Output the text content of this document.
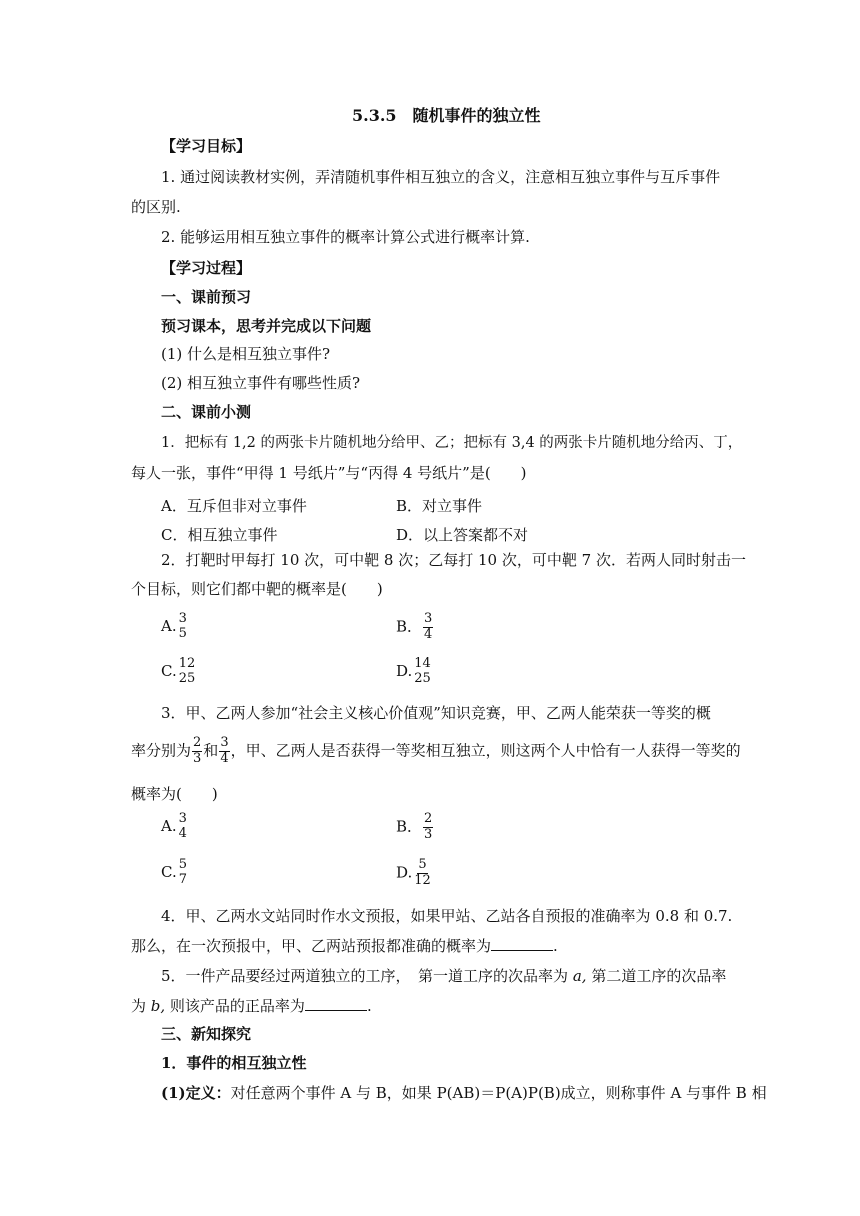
5.3.5　随机事件的独立性
【学习目标】
1. 通过阅读教材实例，弄清随机事件相互独立的含义，注意相互独立事件与互斥事件
的区别.
2. 能够运用相互独立事件的概率计算公式进行概率计算.
【学习过程】
一、课前预习
预习课本，思考并完成以下问题
(1) 什么是相互独立事件?
(2) 相互独立事件有哪些性质?
二、课前小测
1．把标有 1,2 的两张卡片随机地分给甲、乙；把标有 3,4 的两张卡片随机地分给丙、丁，
每人一张，事件“甲得 1 号纸片”与“丙得 4 号纸片”是(　　)
A．互斥但非对立事件	B．对立事件
C．相互独立事件	D．以上答案都不对
2．打靶时甲每打 10 次，可中靶 8 次；乙每打 10 次，可中靶 7 次．若两人同时射击一
个目标，则它们都中靶的概率是(　　)
A. 3
5	B． $\frac{3}{4}$
C. 12
25	D. 14
25
3．甲、乙两人参加“社会主义核心价值观”知识竞赛，甲、乙两人能荣获一等奖的概
率分别为 $\frac{2}{3}$ 和 $\frac{3}{4}$ ，甲、乙两人是否获得一等奖相互独立，则这两个人中恰有一人获得一等奖的
概率为(　　)
A. 3
4	B． $\frac{2}{3}$
C. 5
7	D. $\frac{5}{12}$
4．甲、乙两水文站同时作水文预报，如果甲站、乙站各自预报的准确率为 0.8 和 0.7.
那么，在一次预报中，甲、乙两站预报都准确的概率为	.
5．一件产品要经过两道独立的工序，　第一道工序的次品率为 a, 第二道工序的次品率
为 b, 则该产品的正品率为	.
三、新知探究
1．事件的相互独立性
(1)定义：对任意两个事件 A 与 B，如果 P(AB)＝P(A)P(B)成立，则称事件 A 与事件 B 相
